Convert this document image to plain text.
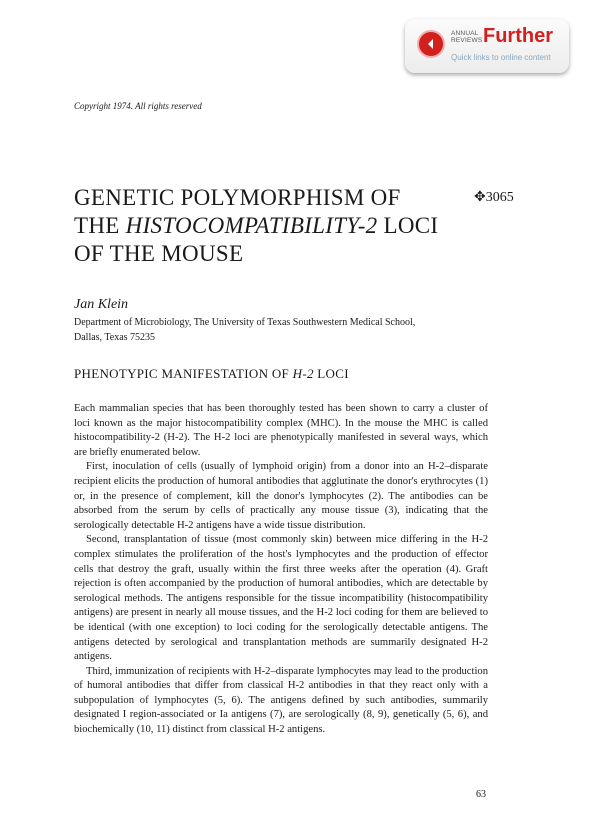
ANNUAL
REVIEWS Further
Quick links to online content
Copyright 1974. All rights reserved
GENETIC POLYMORPHISM OF
THE HISTOCOMPATIBILITY-2 LOCI
OF THE MOUSE
✥3065
Jan Klein
Department of Microbiology, The University of Texas Southwestern Medical School,
Dallas, Texas 75235
PHENOTYPIC MANIFESTATION OF H-2 LOCI

Each mammalian species that has been thoroughly tested has been shown to carry a cluster of loci known as the major histocompatibility complex (MHC). In the mouse the MHC is called histocompatibility-2 (H-2). The H-2 loci are phenotypically manifested in several ways, which are briefly enumerated below.

First, inoculation of cells (usually of lymphoid origin) from a donor into an H-2–disparate recipient elicits the production of humoral antibodies that agglutinate the donor's erythrocytes (1) or, in the presence of complement, kill the donor's lymphocytes (2). The antibodies can be absorbed from the serum by cells of practically any mouse tissue (3), indicating that the serologically detectable H-2 antigens have a wide tissue distribution.

Second, transplantation of tissue (most commonly skin) between mice differing in the H-2 complex stimulates the proliferation of the host's lymphocytes and the production of effector cells that destroy the graft, usually within the first three weeks after the operation (4). Graft rejection is often accompanied by the production of humoral antibodies, which are detectable by serological methods. The antigens responsible for the tissue incompatibility (histocompatibility antigens) are present in nearly all mouse tissues, and the H-2 loci coding for them are believed to be identical (with one exception) to loci coding for the serologically detectable antigens. The antigens detected by serological and transplantation methods are summarily designated H-2 antigens.

Third, immunization of recipients with H-2–disparate lymphocytes may lead to the production of humoral antibodies that differ from classical H-2 antibodies in that they react only with a subpopulation of lymphocytes (5, 6). The antigens defined by such antibodies, summarily designated I region-associated or Ia antigens (7), are serologically (8, 9), genetically (5, 6), and biochemically (10, 11) distinct from classical H-2 antigens.

63
